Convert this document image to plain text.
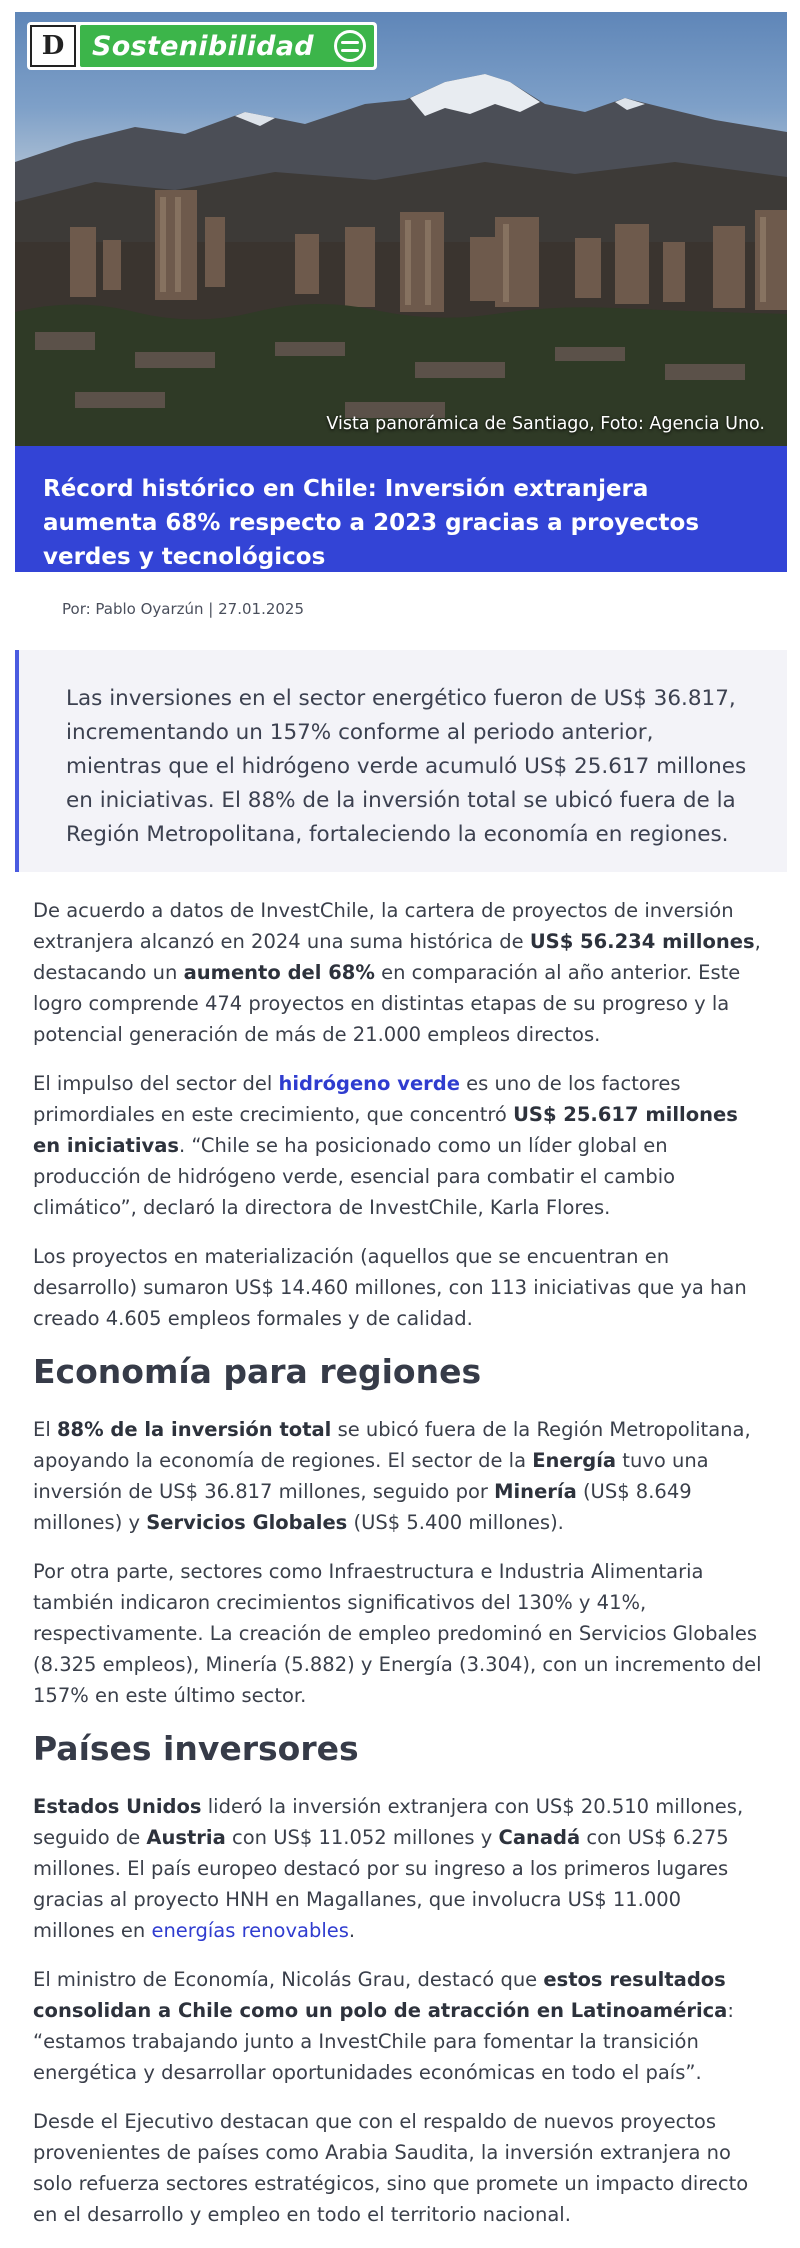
D	Sostenibilidad
Vista panorámica de Santiago, Foto: Agencia Uno.
Récord histórico en Chile: Inversión extranjera aumenta 68% respecto a 2023 gracias a proyectos verdes y tecnológicos
Por: Pablo Oyarzún | 27.01.2025

Las inversiones en el sector energético fueron de US$ 36.817, incrementando un 157% conforme al periodo anterior, mientras que el hidrógeno verde acumuló US$ 25.617 millones en iniciativas. El 88% de la inversión total se ubicó fuera de la Región Metropolitana, fortaleciendo la economía en regiones.

De acuerdo a datos de InvestChile, la cartera de proyectos de inversión extranjera alcanzó en 2024 una suma histórica de US$ 56.234 millones, destacando un aumento del 68% en comparación al año anterior. Este logro comprende 474 proyectos en distintas etapas de su progreso y la potencial generación de más de 21.000 empleos directos.

El impulso del sector del hidrógeno verde es uno de los factores primordiales en este crecimiento, que concentró US$ 25.617 millones en iniciativas. “Chile se ha posicionado como un líder global en producción de hidrógeno verde, esencial para combatir el cambio climático”, declaró la directora de InvestChile, Karla Flores.

Los proyectos en materialización (aquellos que se encuentran en desarrollo) sumaron US$ 14.460 millones, con 113 iniciativas que ya han creado 4.605 empleos formales y de calidad.

Economía para regiones

El 88% de la inversión total se ubicó fuera de la Región Metropolitana, apoyando la economía de regiones. El sector de la Energía tuvo una inversión de US$ 36.817 millones, seguido por Minería (US$ 8.649 millones) y Servicios Globales (US$ 5.400 millones).

Por otra parte, sectores como Infraestructura e Industria Alimentaria también indicaron crecimientos significativos del 130% y 41%, respectivamente. La creación de empleo predominó en Servicios Globales (8.325 empleos), Minería (5.882) y Energía (3.304), con un incremento del 157% en este último sector.

Países inversores

Estados Unidos lideró la inversión extranjera con US$ 20.510 millones, seguido de Austria con US$ 11.052 millones y Canadá con US$ 6.275 millones. El país europeo destacó por su ingreso a los primeros lugares gracias al proyecto HNH en Magallanes, que involucra US$ 11.000 millones en energías renovables.

El ministro de Economía, Nicolás Grau, destacó que estos resultados consolidan a Chile como un polo de atracción en Latinoamérica: “estamos trabajando junto a InvestChile para fomentar la transición energética y desarrollar oportunidades económicas en todo el país”.

Desde el Ejecutivo destacan que con el respaldo de nuevos proyectos provenientes de países como Arabia Saudita, la inversión extranjera no solo refuerza sectores estratégicos, sino que promete un impacto directo en el desarrollo y empleo en todo el territorio nacional.
